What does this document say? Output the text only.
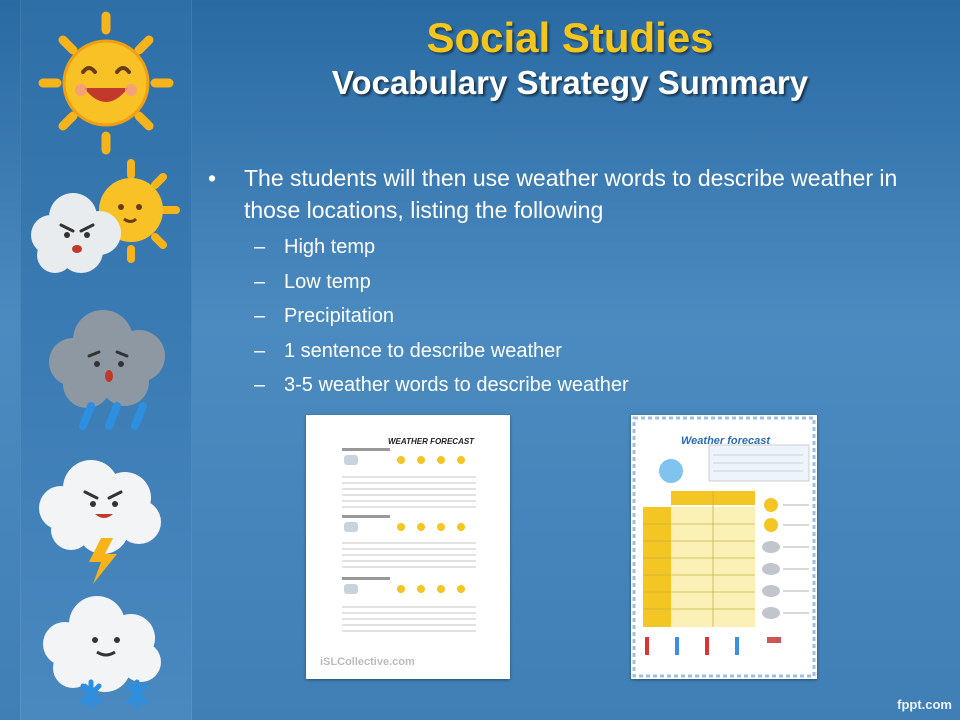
Social Studies
Vocabulary Strategy Summary
•	The students will then use weather words to describe weather in those locations, listing the following
– High temp
– Low temp
– Precipitation
– 1 sentence to describe weather
– 3-5 weather words to describe weather
WEATHER FORECAST
iSLCollective.com
Weather forecast
fppt.com
